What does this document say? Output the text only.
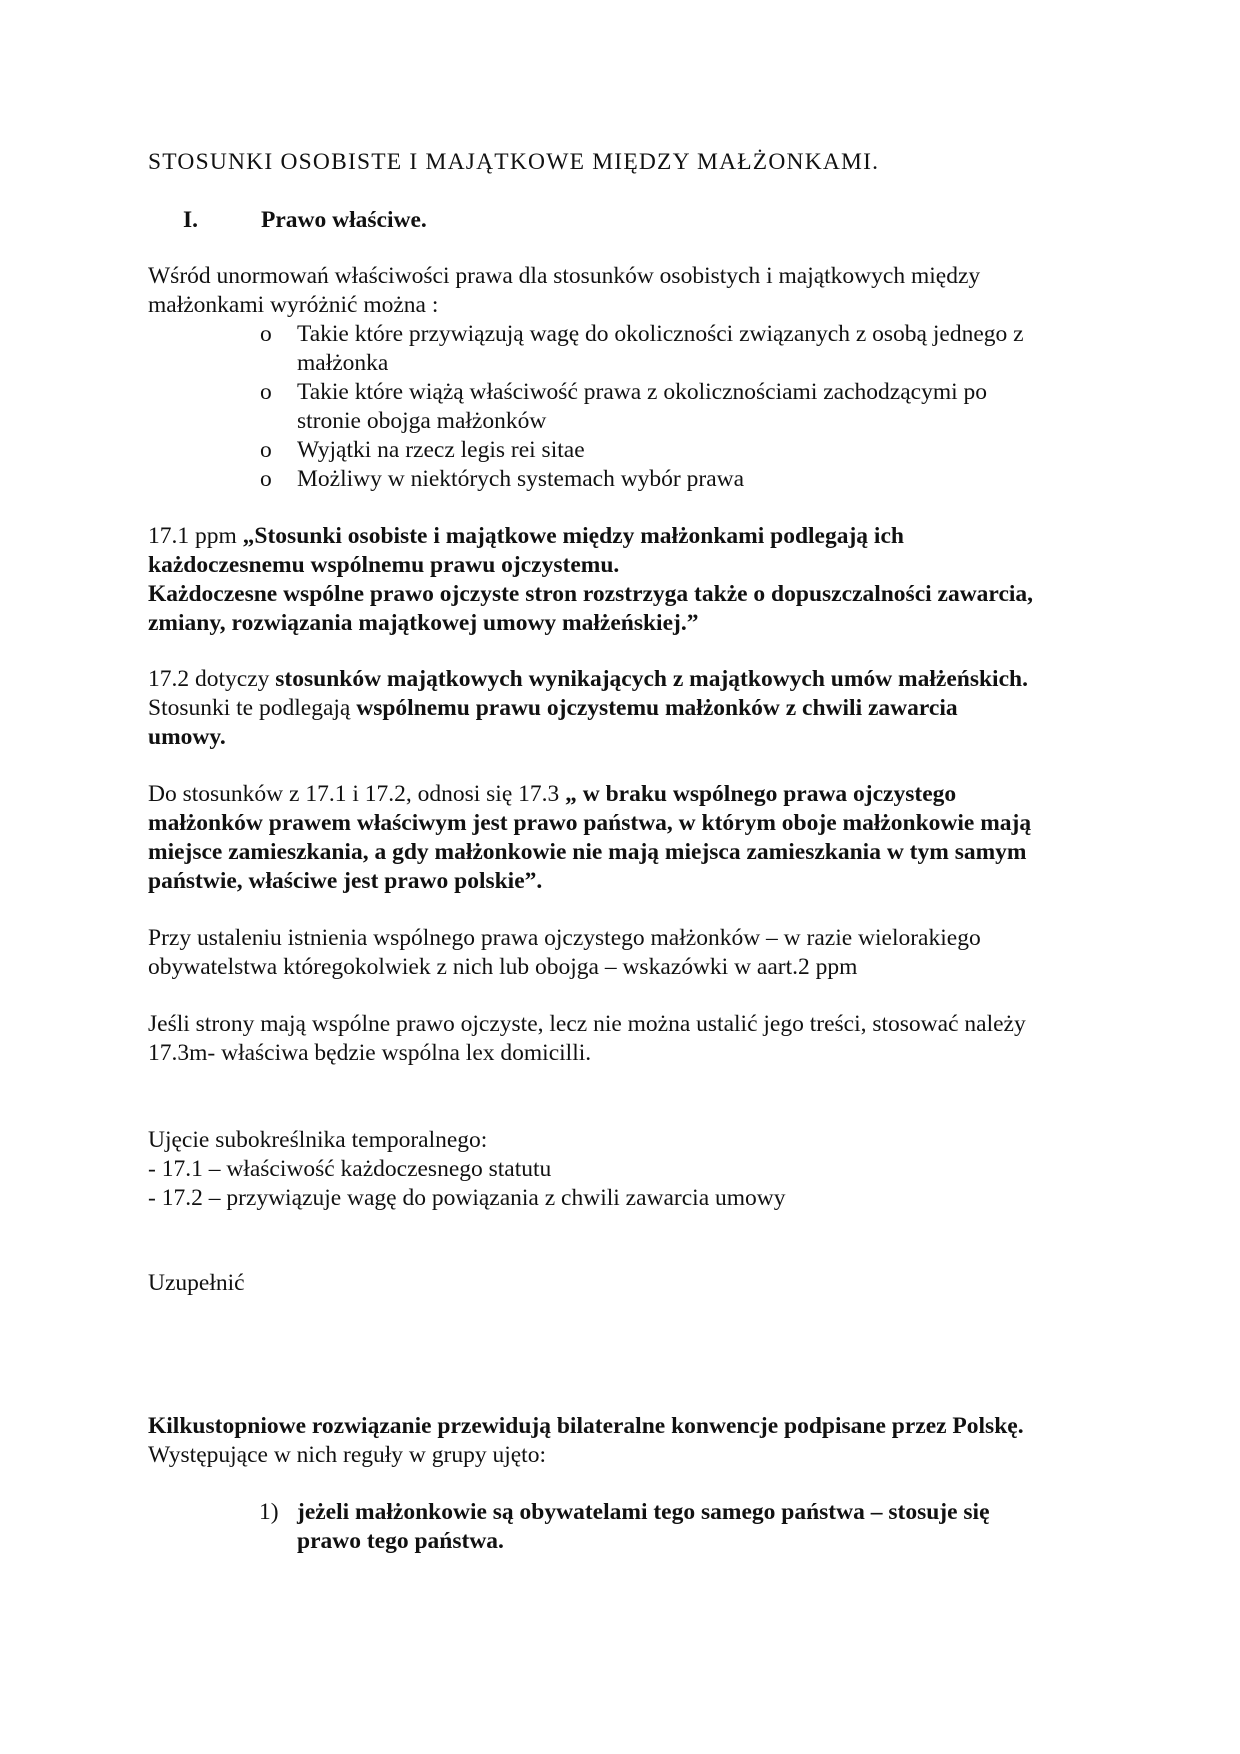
STOSUNKI OSOBISTE I MAJĄTKOWE MIĘDZY MAŁŻONKAMI.
I.	Prawo właściwe.

Wśród unormowań właściwości prawa dla stosunków osobistych i majątkowych między

małżonkami wyróżnić można :

o Takie które przywiązują wagę do okoliczności związanych z osobą jednego z
małżonka
o Takie które wiążą właściwość prawa z okolicznościami zachodzącymi po
stronie obojga małżonków
o Wyjątki na rzecz legis rei sitae
o Możliwy w niektórych systemach wybór prawa

17.1 ppm „Stosunki osobiste i majątkowe między małżonkami podlegają ich

każdoczesnemu wspólnemu prawu ojczystemu.

Każdoczesne wspólne prawo ojczyste stron rozstrzyga także o dopuszczalności zawarcia,

zmiany, rozwiązania majątkowej umowy małżeńskiej.”

17.2 dotyczy stosunków majątkowych wynikających z majątkowych umów małżeńskich.

Stosunki te podlegają wspólnemu prawu ojczystemu małżonków z chwili zawarcia

umowy.

Do stosunków z 17.1 i 17.2, odnosi się 17.3 „ w braku wspólnego prawa ojczystego

małżonków prawem właściwym jest prawo państwa, w którym oboje małżonkowie mają

miejsce zamieszkania, a gdy małżonkowie nie mają miejsca zamieszkania w tym samym

państwie, właściwe jest prawo polskie”.

Przy ustaleniu istnienia wspólnego prawa ojczystego małżonków – w razie wielorakiego

obywatelstwa któregokolwiek z nich lub obojga – wskazówki w aart.2 ppm

Jeśli strony mają wspólne prawo ojczyste, lecz nie można ustalić jego treści, stosować należy

17.3m- właściwa będzie wspólna lex domicilli.

Ujęcie subokreślnika temporalnego:

- 17.1 – właściwość każdoczesnego statutu

- 17.2 – przywiązuje wagę do powiązania z chwili zawarcia umowy

Uzupełnić

Kilkustopniowe rozwiązanie przewidują bilateralne konwencje podpisane przez Polskę.

Występujące w nich reguły w grupy ujęto:

1) jeżeli małżonkowie są obywatelami tego samego państwa – stosuje się
prawo tego państwa.
